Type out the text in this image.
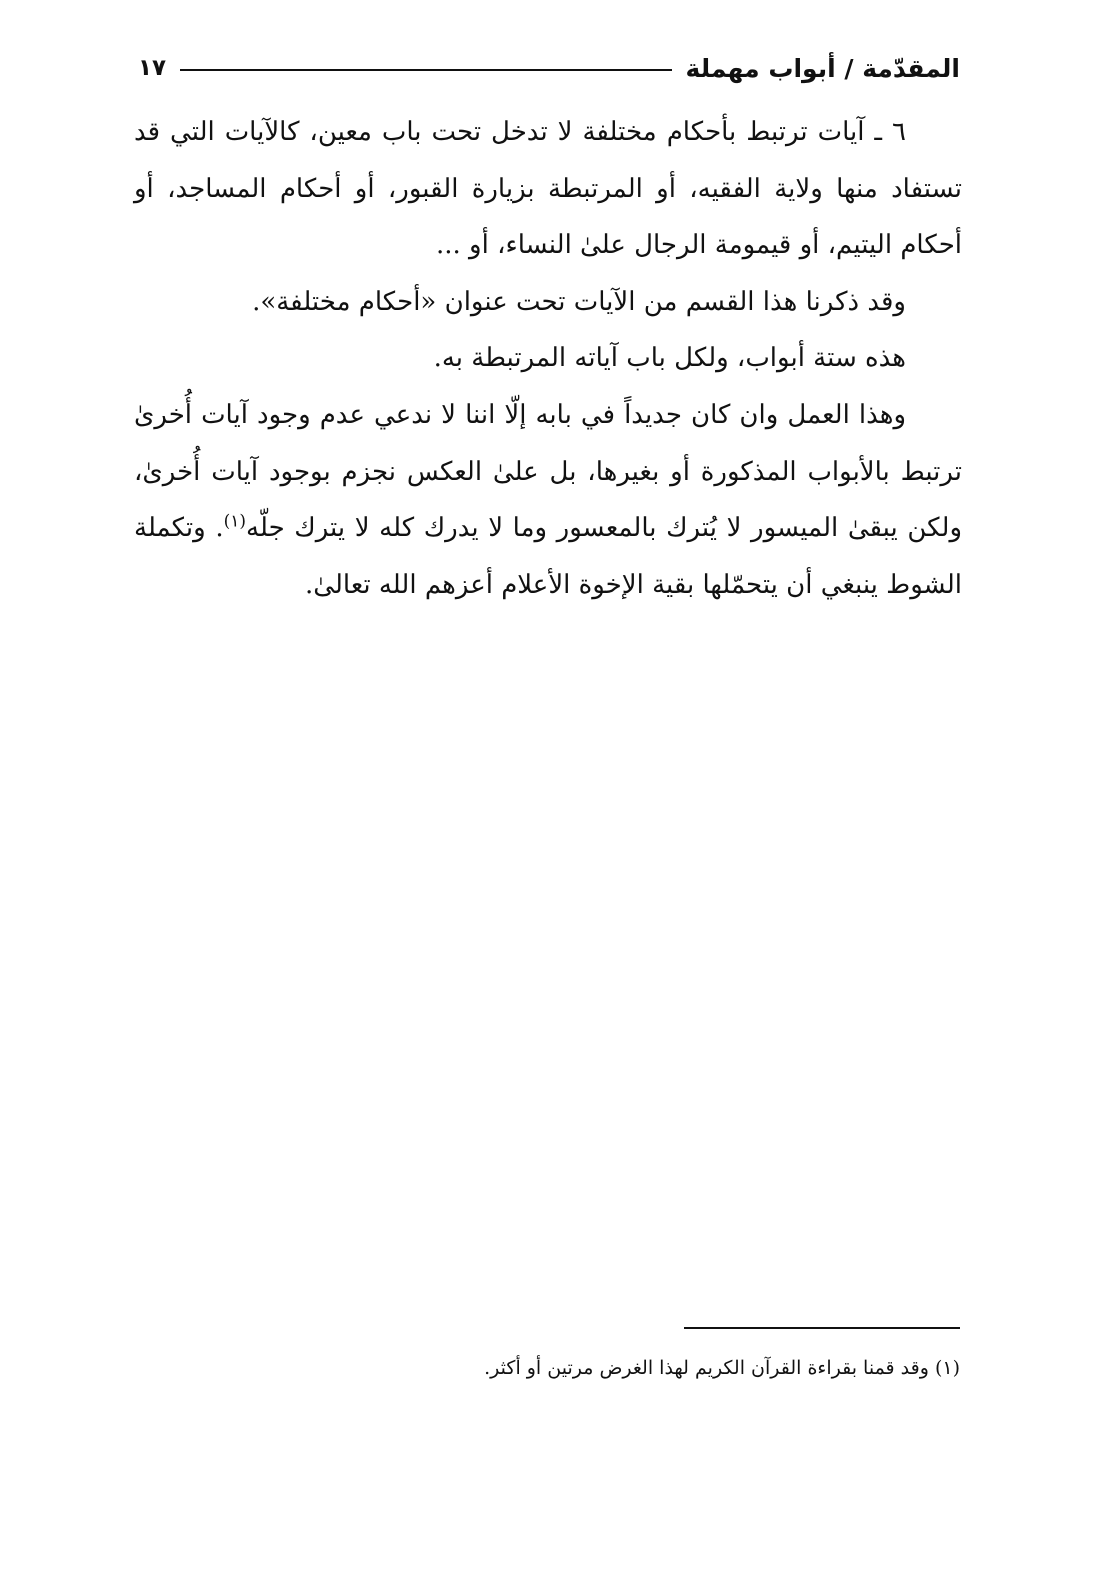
المقدّمة / أبواب مهملة
١٧

٦ ـ آيات ترتبط بأحكام مختلفة لا تدخل تحت باب معين، كالآيات التي قد تستفاد منها ولاية الفقيه، أو المرتبطة بزيارة القبور، أو أحكام المساجد، أو أحكام اليتيم، أو قيمومة الرجال علىٰ النساء، أو ...

وقد ذكرنا هذا القسم من الآيات تحت عنوان «أحكام مختلفة».

هذه ستة أبواب، ولكل باب آياته المرتبطة به.

وهذا العمل وان كان جديداً في بابه إلّا اننا لا ندعي عدم وجود آيات أُخرىٰ ترتبط بالأبواب المذكورة أو بغيرها، بل علىٰ العكس نجزم بوجود آيات أُخرىٰ، ولكن يبقىٰ الميسور لا يُترك بالمعسور وما لا يدرك كله لا يترك جلّه$^{(١)}$. وتكملة الشوط ينبغي أن يتحمّلها بقية الإخوة الأعلام أعزهم الله تعالىٰ.

(١) وقد قمنا بقراءة القرآن الكريم لهذا الغرض مرتين أو أكثر.
